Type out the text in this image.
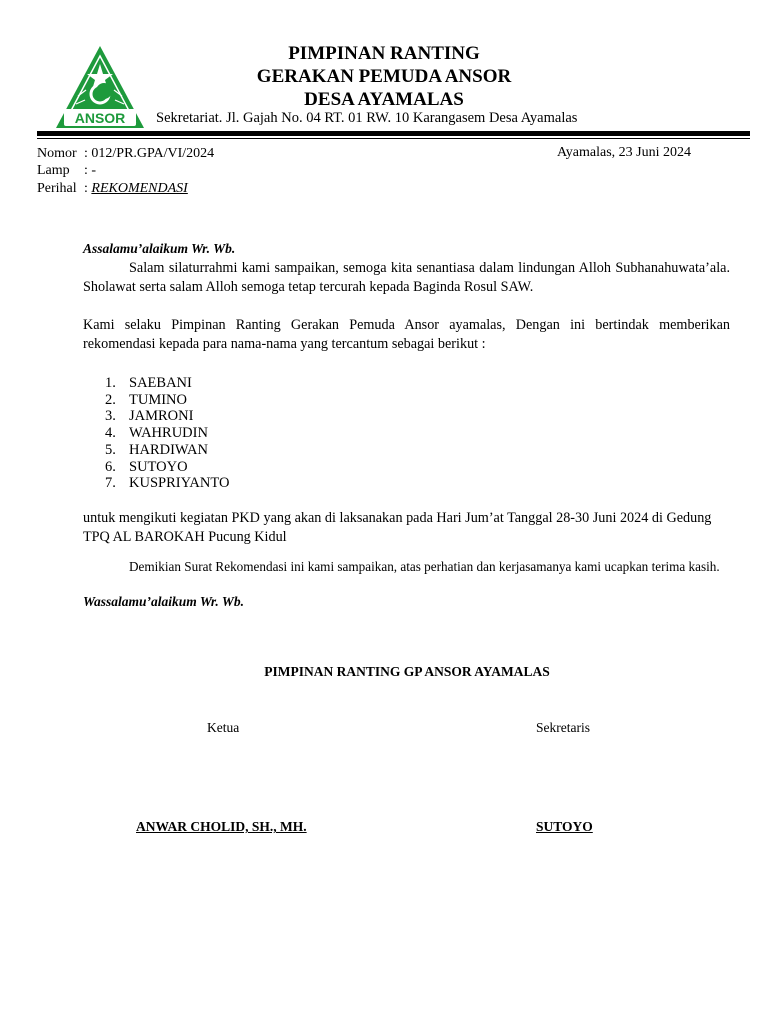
ANSOR
PIMPINAN RANTING
GERAKAN PEMUDA ANSOR
DESA AYAMALAS
Sekretariat. Jl. Gajah No. 04 RT. 01 RW. 10 Karangasem Desa Ayamalas
Nomor : 012/PR.GPA/VI/2024
Lamp : -
Perihal : REKOMENDASI
Ayamalas, 23 Juni 2024
Assalamu’alaikum Wr. Wb.
Salam silaturrahmi kami sampaikan, semoga kita senantiasa dalam lindungan Alloh Subhanahuwata’ala. Sholawat serta salam Alloh semoga tetap tercurah kepada Baginda Rosul SAW.
Kami selaku Pimpinan Ranting Gerakan Pemuda Ansor ayamalas, Dengan ini bertindak memberikan rekomendasi kepada para nama-nama yang tercantum sebagai berikut :
1. SAEBANI
2. TUMINO
3. JAMRONI
4. WAHRUDIN
5. HARDIWAN
6. SUTOYO
7. KUSPRIYANTO
untuk mengikuti kegiatan PKD yang akan di laksanakan pada Hari Jum’at Tanggal 28-30 Juni 2024 di Gedung TPQ AL BAROKAH Pucung Kidul
Demikian Surat Rekomendasi ini kami sampaikan, atas perhatian dan kerjasamanya kami ucapkan terima kasih.
Wassalamu’alaikum Wr. Wb.
PIMPINAN RANTING GP ANSOR AYAMALAS
Ketua	Sekretaris
ANWAR CHOLID, SH., MH.	SUTOYO
